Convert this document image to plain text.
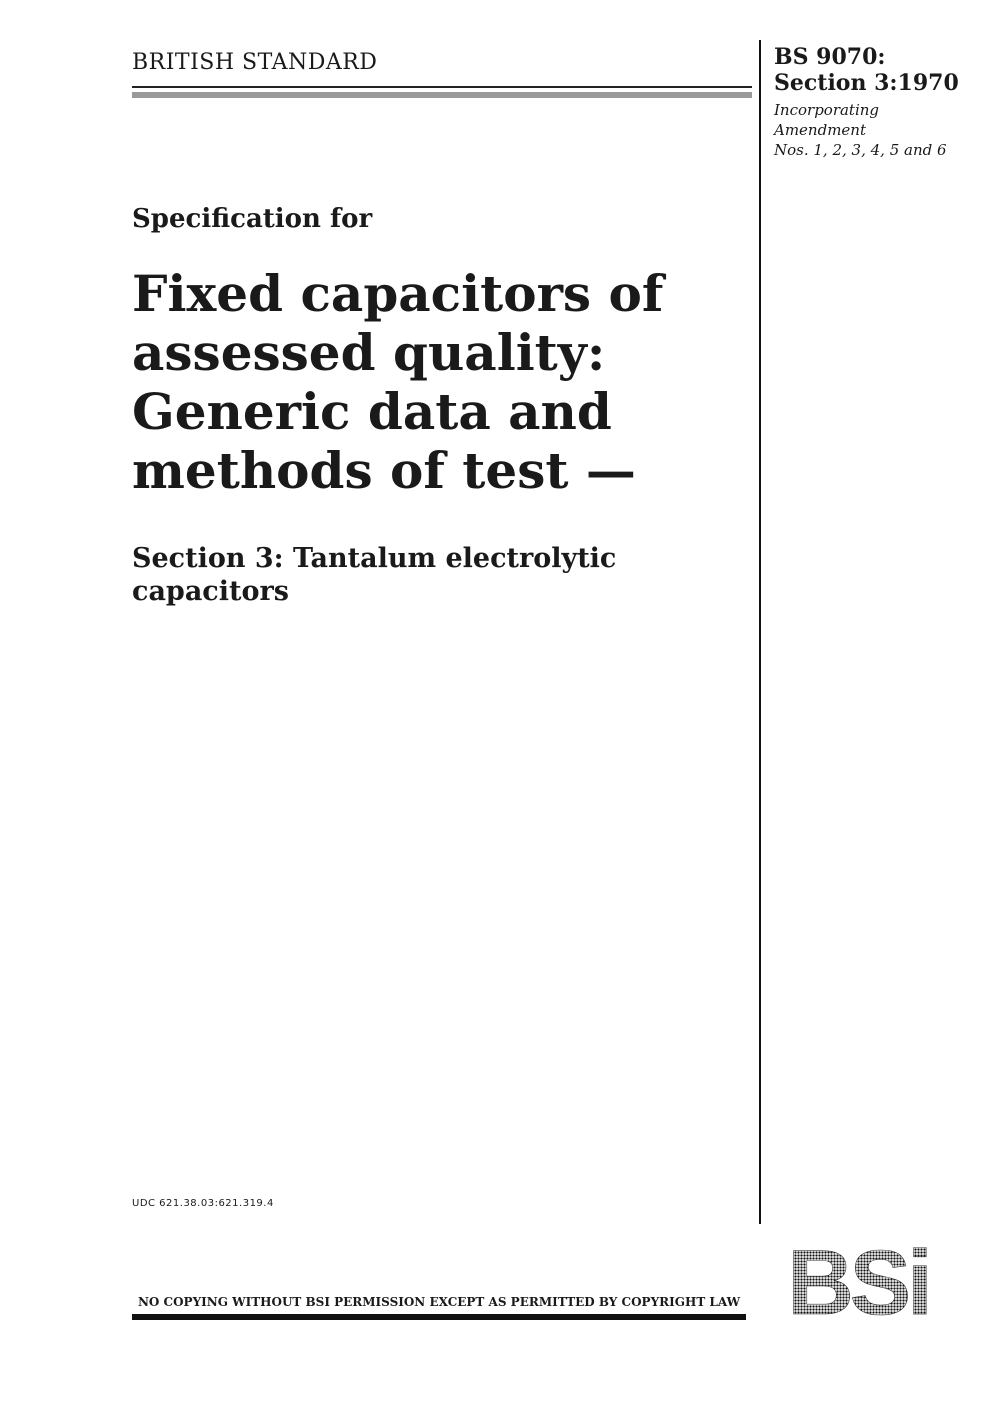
BRITISH STANDARD	BS 9070:
Section 3:1970
Incorporating
Amendment
Nos. 1, 2, 3, 4, 5 and 6
Specification for
Fixed capacitors of
assessed quality:
Generic data and
methods of test —
Section 3: Tantalum electrolytic
capacitors
UDC 621.38.03:621.319.4
NO COPYING WITHOUT BSI PERMISSION EXCEPT AS PERMITTED BY COPYRIGHT LAW BSi
